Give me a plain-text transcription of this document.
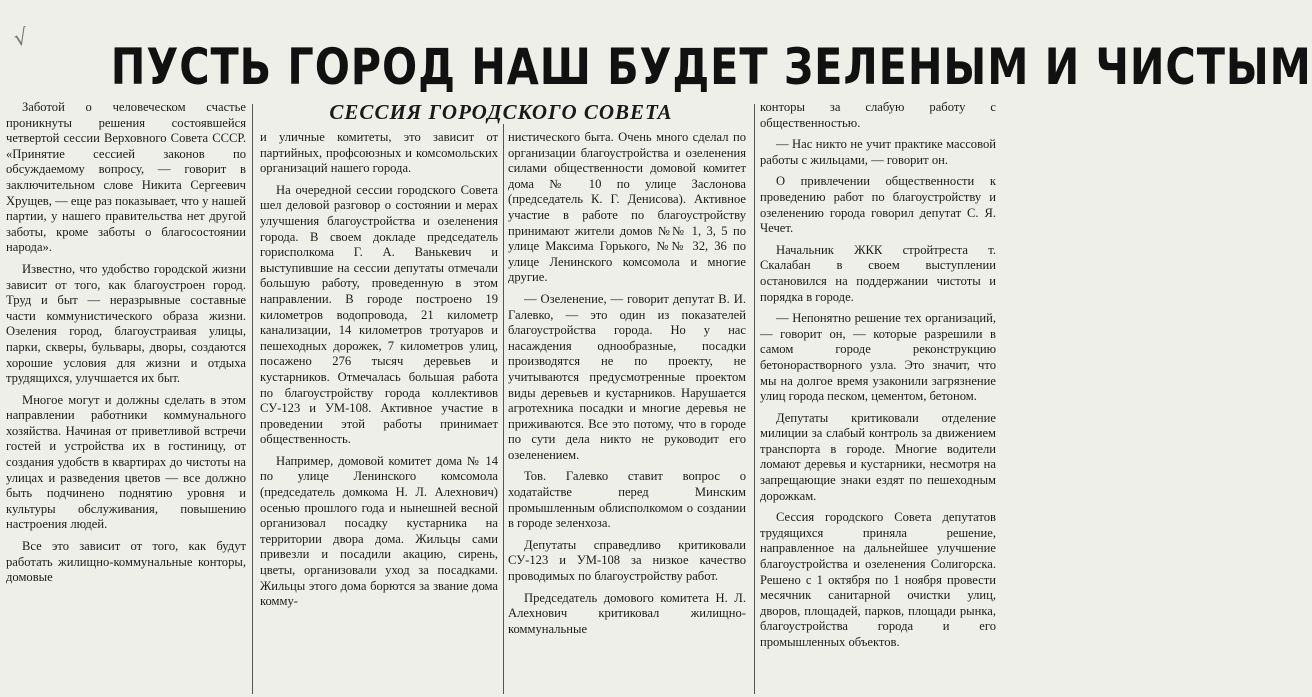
√ ПУСТЬ ГОРОД НАШ БУДЕТ ЗЕЛЕНЫМ И ЧИСТЫМ
СЕССИЯ ГОРОДСКОГО СОВЕТА

Заботой о человеческом счастье проникнуты решения состоявшейся четвертой сессии Верховного Совета СССР. «Принятие сессией законов по обсуждаемому вопросу, — говорит в заключительном слове Никита Сергеевич Хрущев, — еще раз показывает, что у нашей партии, у нашего правительства нет другой заботы, кроме заботы о благосостоянии народа».

Известно, что удобство городской жизни зависит от того, как благоустроен город. Труд и быт — неразрывные составные части коммунистического образа жизни. Озеления город, благоустраивая улицы, парки, скверы, бульвары, дворы, создаются хорошие условия для жизни и отдыха трудящихся, улучшается их быт.

Многое могут и должны сделать в этом направлении работники коммунального хозяйства. Начиная от приветливой встречи гостей и устройства их в гостиницу, от создания удобств в квартирах до чистоты на улицах и разведения цветов — все должно быть подчинено поднятию уровня и культуры обслуживания, повышению настроения людей.

Все это зависит от того, как будут работать жилищно-коммунальные конторы, домовые

и уличные комитеты, это зависит от партийных, профсоюзных и комсомольских организаций нашего города.

На очередной сессии городского Совета шел деловой разговор о состоянии и мерах улучшения благоустройства и озеленения города. В своем докладе председатель горисполкома Г. А. Ванькевич и выступившие на сессии депутаты отмечали большую работу, проведенную в этом направлении. В городе построено 19 километров водопровода, 21 километр канализации, 14 километров тротуаров и пешеходных дорожек, 7 километров улиц, посажено 276 тысяч деревьев и кустарников. Отмечалась большая работа по благоустройству города коллективов СУ-123 и УМ-108. Активное участие в проведении этой работы принимает общественность.

Например, домовой комитет дома № 14 по улице Ленинского комсомола (председатель домкома Н. Л. Алехнович) осенью прошлого года и нынешней весной организовал посадку кустарника на территории двора дома. Жильцы сами привезли и посадили акацию, сирень, цветы, организовали уход за посадками. Жильцы этого дома борются за звание дома комму-

нистического быта. Очень много сделал по организации благоустройства и озеленения силами общественности домовой комитет дома № 10 по улице Заслонова (председатель К. Г. Денисова). Активное участие в работе по благоустройству принимают жители домов №№ 1, 3, 5 по улице Максима Горького, №№ 32, 36 по улице Ленинского комсомола и многие другие.

— Озеленение, — говорит депутат В. И. Галевко, — это один из показателей благоустройства города. Но у нас насаждения однообразные, посадки производятся не по проекту, не учитываются предусмотренные проектом виды деревьев и кустарников. Нарушается агротехника посадки и многие деревья не приживаются. Все это потому, что в городе по сути дела никто не руководит его озеленением.

Тов. Галевко ставит вопрос о ходатайстве перед Минским промышленным облисполкомом о создании в городе зеленхоза.

Депутаты справедливо критиковали СУ-123 и УМ-108 за низкое качество проводимых по благоустройству работ.

Председатель домового комитета Н. Л. Алехнович критиковал жилищно-коммунальные

конторы за слабую работу с общественностью.

— Нас никто не учит практике массовой работы с жильцами, — говорит он.

О привлечении общественности к проведению работ по благоустройству и озеленению города говорил депутат С. Я. Чечет.

Начальник ЖКК стройтреста т. Скалабан в своем выступлении остановился на поддержании чистоты и порядка в городе.

— Непонятно решение тех организаций, — говорит он, — которые разрешили в самом городе реконструкцию бетонорастворного узла. Это значит, что мы на долгое время узаконили загрязнение улиц города песком, цементом, бетоном.

Депутаты критиковали отделение милиции за слабый контроль за движением транспорта в городе. Многие водители ломают деревья и кустарники, несмотря на запрещающие знаки ездят по пешеходным дорожкам.

Сессия городского Совета депутатов трудящихся приняла решение, направленное на дальнейшее улучшение благоустройства и озеленения Солигорска. Решено с 1 октября по 1 ноября провести месячник санитарной очистки улиц, дворов, площадей, парков, площади рынка, благоустройства города и его промышленных объектов.
